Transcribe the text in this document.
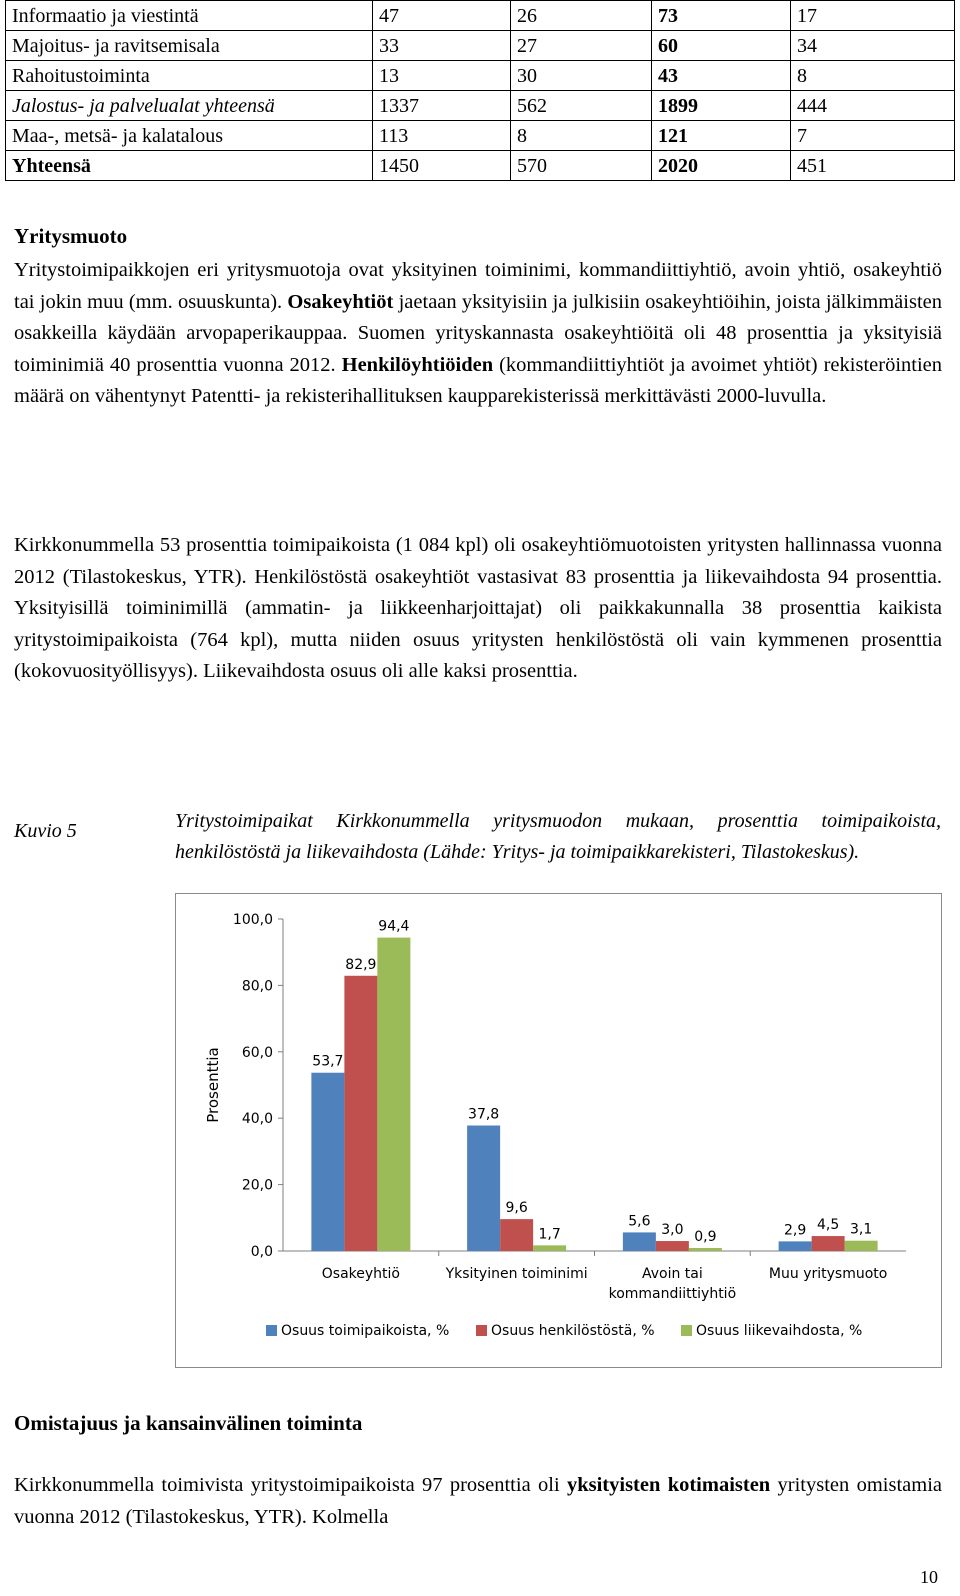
Informaatio ja viestintä	47	26	73	17
Majoitus- ja ravitsemisala	33	27	60	34
Rahoitustoiminta	13	30	43	8
Jalostus- ja palvelualat yhteensä	1337	562	1899	444
Maa-, metsä- ja kalatalous	113	8	121	7
Yhteensä	1450	570	2020	451
Yritysmuoto

Yritystoimipaikkojen eri yritysmuotoja ovat yksityinen toiminimi, kommandiittiyhtiö, avoin yhtiö, osakeyhtiö tai jokin muu (mm. osuuskunta). Osakeyhtiöt jaetaan yksityisiin ja julkisiin osakeyhtiöihin, joista jälkimmäisten osakkeilla käydään arvopaperikauppaa. Suomen yrityskannasta osakeyhtiöitä oli 48 prosenttia ja yksityisiä toiminimiä 40 prosenttia vuonna 2012. Henkilöyhtiöiden (kommandiittiyhtiöt ja avoimet yhtiöt) rekisteröintien määrä on vähentynyt Patentti- ja rekisterihallituksen kaupparekisterissä merkittävästi 2000-luvulla.

Kirkkonummella 53 prosenttia toimipaikoista (1 084 kpl) oli osakeyhtiömuotoisten yritysten hallinnassa vuonna 2012 (Tilastokeskus, YTR). Henkilöstöstä osakeyhtiöt vastasivat 83 prosenttia ja liikevaihdosta 94 prosenttia. Yksityisillä toiminimillä (ammatin- ja liikkeenharjoittajat) oli paikkakunnalla 38 prosenttia kaikista yritystoimipaikoista (764 kpl), mutta niiden osuus yritysten henkilöstöstä oli vain kymmenen prosenttia (kokovuosityöllisyys). Liikevaihdosta osuus oli alle kaksi prosenttia.

Kuvio 5	Yritystoimipaikat Kirkkonummella yritysmuodon mukaan, prosenttia toimipaikoista, henkilöstöstä ja liikevaihdosta (Lähde: Yritys- ja toimipaikkarekisteri, Tilastokeskus).

0,0
20,0
40,0
60,0
80,0
100,0
Prosenttia	53,7
82,9
94,4
Osakeyhtiö
37,8
9,6
1,7
Yksityinen toiminimi
5,6
3,0 0,9
Avoin tai
kommandiittiyhtiö
2,9 4,5 3,1
Muu yritysmuoto
Osuus toimipaikoista, %	Osuus henkilöstöstä, %	Osuus liikevaihdosta, %
Omistajuus ja kansainvälinen toiminta

Kirkkonummella toimivista yritystoimipaikoista 97 prosenttia oli yksityisten kotimaisten yritysten omistamia vuonna 2012 (Tilastokeskus, YTR). Kolmella

10
